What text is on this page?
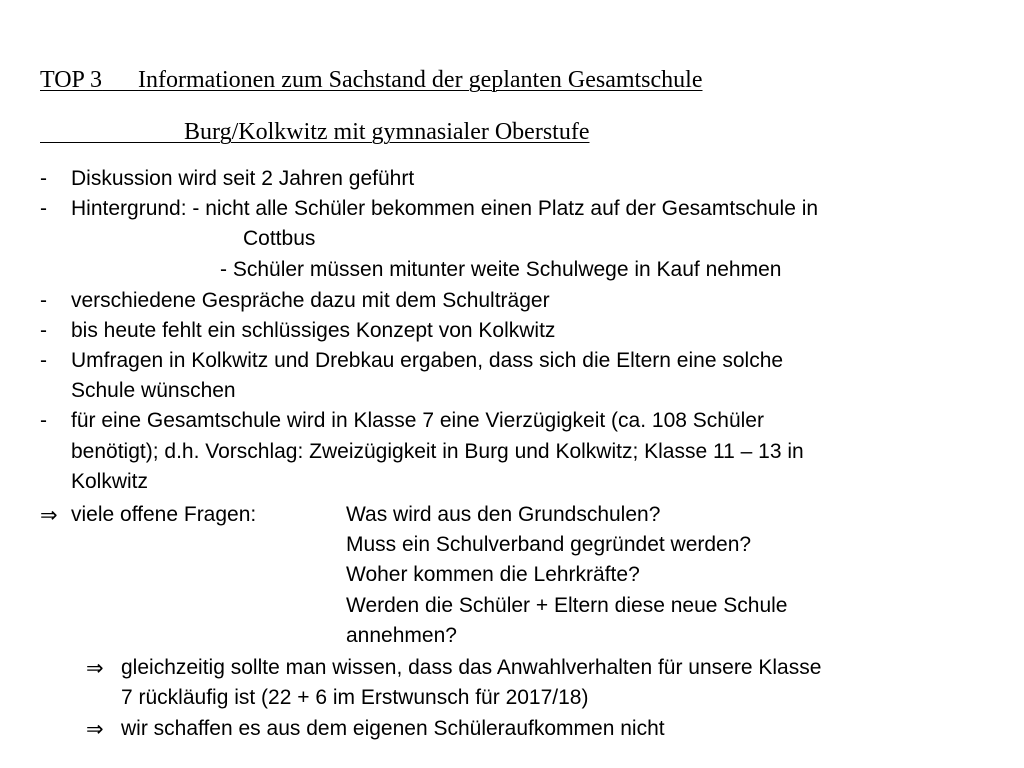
TOP 3 Informationen zum Sachstand der geplanten Gesamtschule
Burg/Kolkwitz mit gymnasialer Oberstufe
- Diskussion wird seit 2 Jahren geführt
- Hintergrund: - nicht alle Schüler bekommen einen Platz auf der Gesamtschule in
Cottbus
- Schüler müssen mitunter weite Schulwege in Kauf nehmen
- verschiedene Gespräche dazu mit dem Schulträger
- bis heute fehlt ein schlüssiges Konzept von Kolkwitz
- Umfragen in Kolkwitz und Drebkau ergaben, dass sich die Eltern eine solche
Schule wünschen
- für eine Gesamtschule wird in Klasse 7 eine Vierzügigkeit (ca. 108 Schüler
benötigt); d.h. Vorschlag: Zweizügigkeit in Burg und Kolkwitz; Klasse 11 – 13 in
Kolkwitz
⇒ viele offene Fragen:	Was wird aus den Grundschulen?
Muss ein Schulverband gegründet werden?
Woher kommen die Lehrkräfte?
Werden die Schüler + Eltern diese neue Schule
annehmen?
⇒ gleichzeitig sollte man wissen, dass das Anwahlverhalten für unsere Klasse
7 rückläufig ist (22 + 6 im Erstwunsch für 2017/18)
⇒ wir schaffen es aus dem eigenen Schüleraufkommen nicht
